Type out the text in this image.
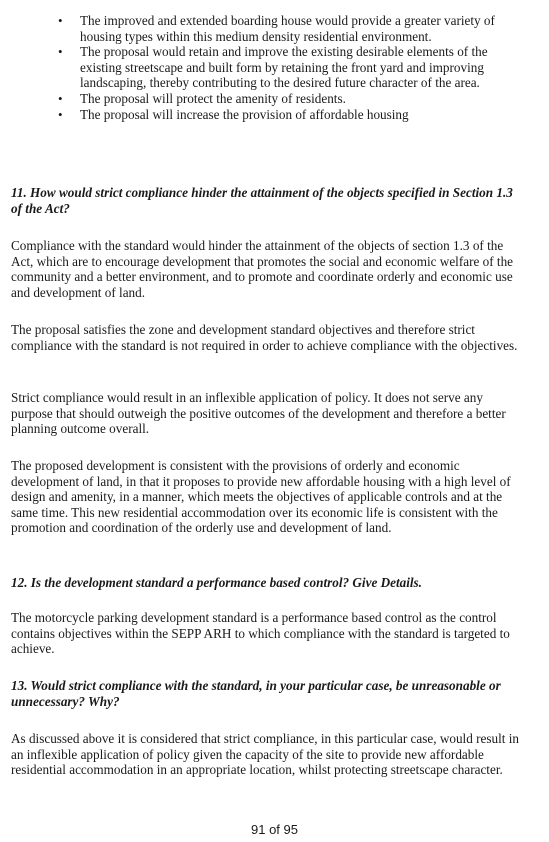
• The improved and extended boarding house would provide a greater variety of housing types within this medium density residential environment.
• The proposal would retain and improve the existing desirable elements of the existing streetscape and built form by retaining the front yard and improving landscaping, thereby contributing to the desired future character of the area.
• The proposal will protect the amenity of residents.
• The proposal will increase the provision of affordable housing

11. How would strict compliance hinder the attainment of the objects specified in Section 1.3 of the Act?

Compliance with the standard would hinder the attainment of the objects of section 1.3 of the Act, which are to encourage development that promotes the social and economic welfare of the community and a better environment, and to promote and coordinate orderly and economic use and development of land.

The proposal satisfies the zone and development standard objectives and therefore strict compliance with the standard is not required in order to achieve compliance with the objectives.

Strict compliance would result in an inflexible application of policy. It does not serve any purpose that should outweigh the positive outcomes of the development and therefore a better planning outcome overall.

The proposed development is consistent with the provisions of orderly and economic development of land, in that it proposes to provide new affordable housing with a high level of design and amenity, in a manner, which meets the objectives of applicable controls and at the same time. This new residential accommodation over its economic life is consistent with the promotion and coordination of the orderly use and development of land.

12. Is the development standard a performance based control? Give Details.

The motorcycle parking development standard is a performance based control as the control contains objectives within the SEPP ARH to which compliance with the standard is targeted to achieve.

13. Would strict compliance with the standard, in your particular case, be unreasonable or unnecessary? Why?

As discussed above it is considered that strict compliance, in this particular case, would result in an inflexible application of policy given the capacity of the site to provide new affordable residential accommodation in an appropriate location, whilst protecting streetscape character.

91 of 95
